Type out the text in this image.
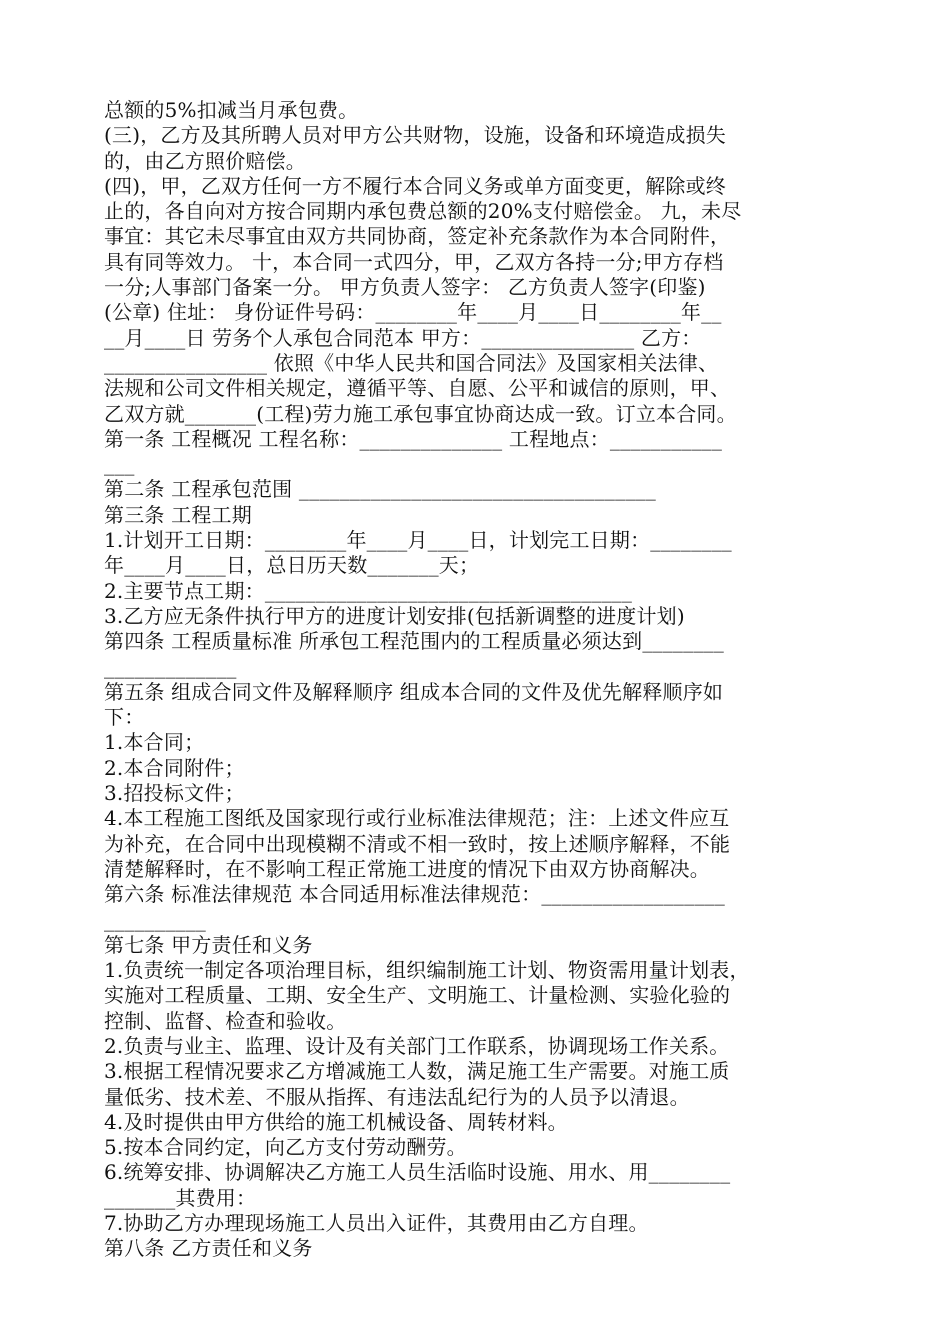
总额的5%扣减当月承包费。
(三)，乙方及其所聘人员对甲方公共财物，设施，设备和环境造成损失
的，由乙方照价赔偿。
(四)，甲，乙双方任何一方不履行本合同义务或单方面变更，解除或终
止的，各自向对方按合同期内承包费总额的20%支付赔偿金。 九，未尽
事宜：其它未尽事宜由双方共同协商，签定补充条款作为本合同附件，
具有同等效力。 十，本合同一式四分，甲，乙双方各持一分;甲方存档
一分;人事部门备案一分。 甲方负责人签字： 乙方负责人签字(印鉴)
(公章) 住址： 身份证件号码：________年____月____日________年__
__月____日 劳务个人承包合同范本 甲方：_______________ 乙方：
________________ 依照《中华人民共和国合同法》及国家相关法律、
法规和公司文件相关规定，遵循平等、自愿、公平和诚信的原则，甲、
乙双方就_______(工程)劳力施工承包事宜协商达成一致。订立本合同。
第一条 工程概况 工程名称：______________ 工程地点：___________
___
第二条 工程承包范围 ___________________________________
第三条 工程工期
1.计划开工日期：________年____月____日，计划完工日期：________
年____月____日，总日历天数_______天；
2.主要节点工期：____________________________________
3.乙方应无条件执行甲方的进度计划安排(包括新调整的进度计划)
第四条 工程质量标准 所承包工程范围内的工程质量必须达到________
_____________
第五条 组成合同文件及解释顺序 组成本合同的文件及优先解释顺序如
下：
1.本合同；
2.本合同附件；
3.招投标文件；
4.本工程施工图纸及国家现行或行业标准法律规范；注：上述文件应互
为补充，在合同中出现模糊不清或不相一致时，按上述顺序解释，不能
清楚解释时，在不影响工程正常施工进度的情况下由双方协商解决。
第六条 标准法律规范 本合同适用标准法律规范：__________________
__________
第七条 甲方责任和义务
1.负责统一制定各项治理目标，组织编制施工计划、物资需用量计划表，
实施对工程质量、工期、安全生产、文明施工、计量检测、实验化验的
控制、监督、检查和验收。
2.负责与业主、监理、设计及有关部门工作联系，协调现场工作关系。
3.根据工程情况要求乙方增减施工人数，满足施工生产需要。对施工质
量低劣、技术差、不服从指挥、有违法乱纪行为的人员予以清退。
4.及时提供由甲方供给的施工机械设备、周转材料。
5.按本合同约定，向乙方支付劳动酬劳。
6.统筹安排、协调解决乙方施工人员生活临时设施、用水、用________
_______其费用：
7.协助乙方办理现场施工人员出入证件，其费用由乙方自理。
第八条 乙方责任和义务
